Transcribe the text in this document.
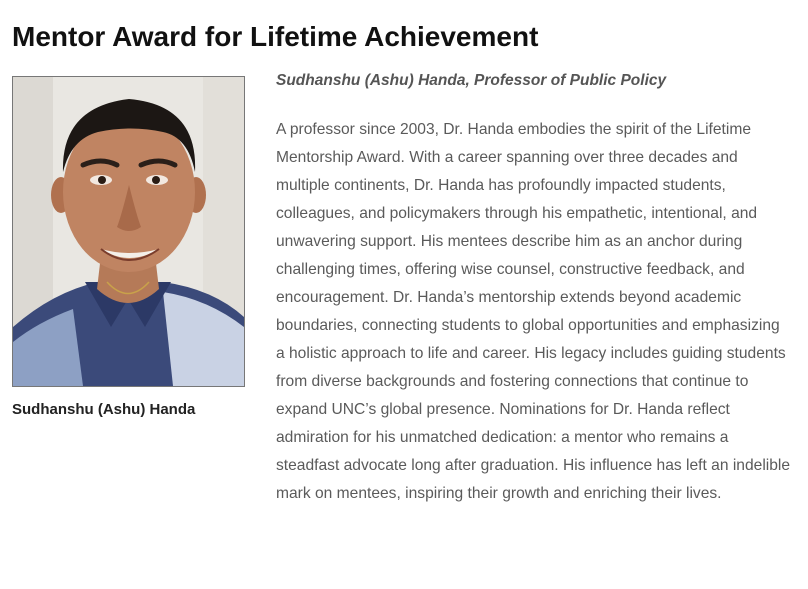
Mentor Award for Lifetime Achievement
Sudhanshu (Ashu) Handa

Sudhanshu (Ashu) Handa, Professor of Public Policy

A professor since 2003, Dr. Handa embodies the spirit of the Lifetime Mentorship Award. With a career spanning over three decades and multiple continents, Dr. Handa has profoundly impacted students, colleagues, and policymakers through his empathetic, intentional, and unwavering support. His mentees describe him as an anchor during challenging times, offering wise counsel, constructive feedback, and encouragement. Dr. Handa’s mentorship extends beyond academic boundaries, connecting students to global opportunities and emphasizing a holistic approach to life and career. His legacy includes guiding students from diverse backgrounds and fostering connections that continue to expand UNC’s global presence. Nominations for Dr. Handa reflect admiration for his unmatched dedication: a mentor who remains a steadfast advocate long after graduation. His influence has left an indelible mark on mentees, inspiring their growth and enriching their lives.
